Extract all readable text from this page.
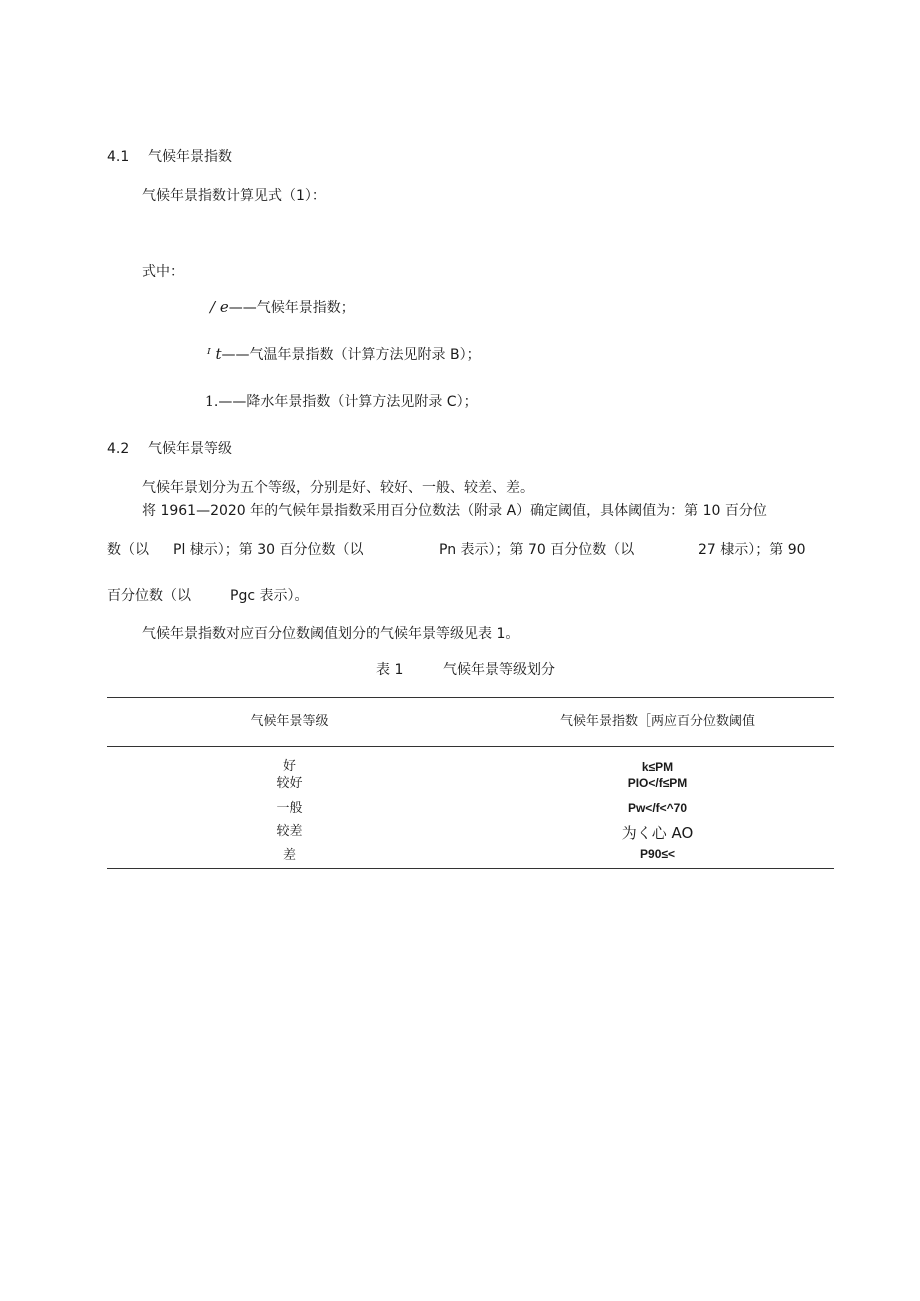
4.1 气候年景指数
气候年景指数计算见式（1）：
式中：
/ e——气候年景指数；
ᴵ t——气温年景指数（计算方法见附录 B）；
1.——降水年景指数（计算方法见附录 C）；
4.2 气候年景等级
气候年景划分为五个等级，分别是好、较好、一般、较差、差。
将 1961—2020 年的气候年景指数采用百分位数法（附录 A）确定阈值，具体阈值为：第 10 百分位
数（以 Pl 棣示）；第 30 百分位数（以	Pn 表示）；第 70 百分位数（以	27 棣示）；第 90
百分位数（以	Pgc 表示）。
气候年景指数对应百分位数阈值划分的气候年景等级见表 1。
表 1	气候年景等级划分
气候年景等级	气候年景指数［两应百分位数阈值
好	k≤PM
较好	PIO</f≤PM
一般	Pw</f<^70
较差	为く心 AO
差	P90≤<
